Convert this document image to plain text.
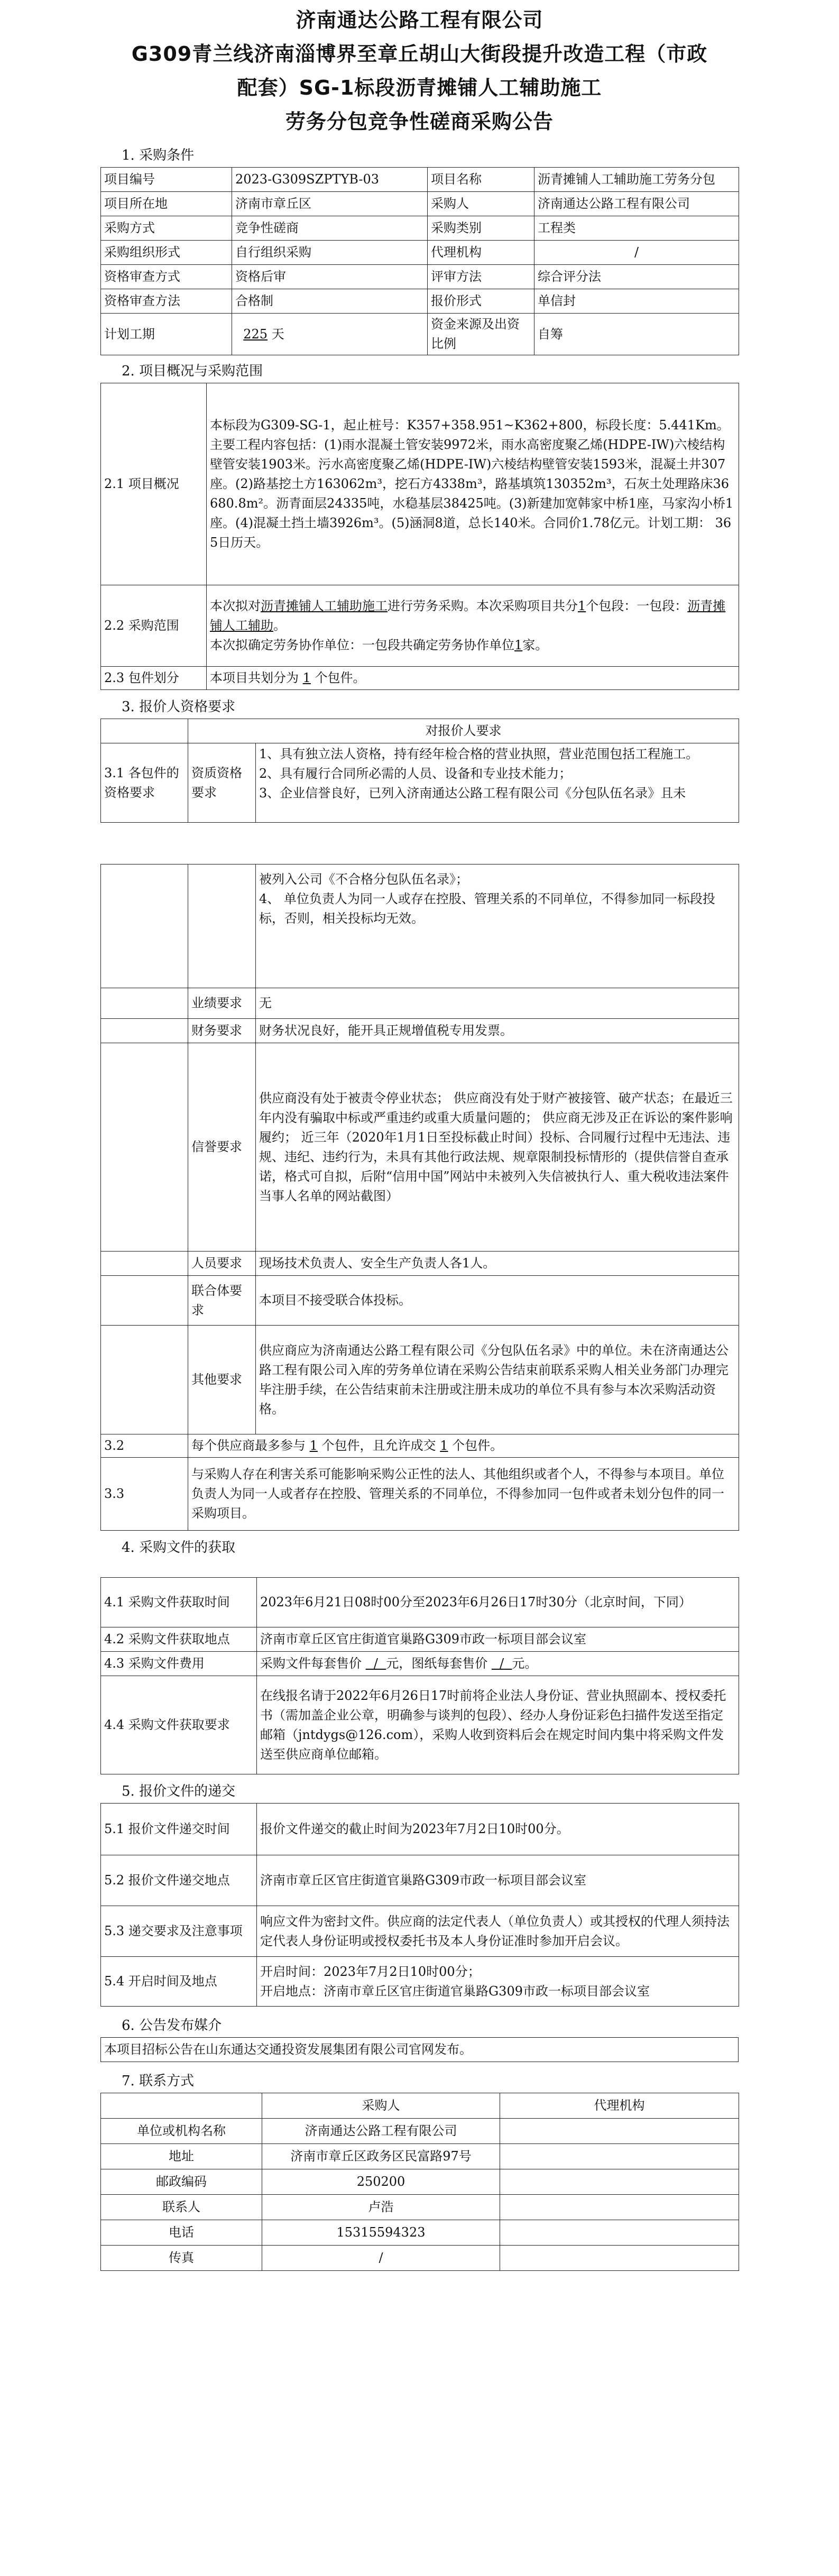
济南通达公路工程有限公司

G309青兰线济南淄博界至章丘胡山大街段提升改造工程（市政

配套）SG-1标段沥青摊铺人工辅助施工

劳务分包竞争性磋商采购公告

1. 采购条件
项目编号	2023-G309SZPTYB-03	项目名称	沥青摊铺人工辅助施工劳务分包
项目所在地	济南市章丘区	采购人	济南通达公路工程有限公司
采购方式	竞争性磋商	采购类别	工程类
采购组织形式	自行组织采购	代理机构	/
资格审查方式	资格后审	评审方法	综合评分法
资格审查方法	合格制	报价形式	单信封
计划工期	225 天	资金来源及出资比例	自筹
2. 项目概况与采购范围
2.1 项目概况	本标段为G309-SG-1，起止桩号：K357+358.951~K362+800，标段长度：5.441Km。主要工程内容包括：(1)雨水混凝土管安装9972米，雨水高密度聚乙烯(HDPE-IW)六棱结构壁管安装1903米。污水高密度聚乙烯(HDPE-IW)六棱结构壁管安装1593米，混凝土井307座。(2)路基挖土方163062m³，挖石方4338m³，路基填筑130352m³，石灰土处理路床36680.8m²。沥青面层24335吨，水稳基层38425吨。(3)新建加宽韩家中桥1座，马家沟小桥1座。(4)混凝土挡土墙3926m³。(5)涵洞8道，总长140米。合同价1.78亿元。计划工期： 365日历天。
2.2 采购范围	本次拟对沥青摊铺人工辅助施工进行劳务采购。本次采购项目共分1个包段：一包段：沥青摊铺人工辅助。
本次拟确定劳务协作单位：一包段共确定劳务协作单位1家。

2.3 包件划分	本项目共划分为 1 个包件。
3. 报价人资格要求
	对报价人要求	
3.1 各包件的资格要求	资质资格要求	1、具有独立法人资格，持有经年检合格的营业执照，营业范围包括工程施工。
2、具有履行合同所必需的人员、设备和专业技术能力；
3、企业信誉良好，已列入济南通达公路工程有限公司《分包队伍名录》且未

		被列入公司《不合格分包队伍名录》；
4、 单位负责人为同一人或存在控股、管理关系的不同单位，不得参加同一标段投标，否则，相关投标均无效。

	业绩要求	无
	财务要求	财务状况良好，能开具正规增值税专用发票。
	信誉要求	供应商没有处于被责令停业状态； 供应商没有处于财产被接管、破产状态；在最近三年内没有骗取中标或严重违约或重大质量问题的； 供应商无涉及正在诉讼的案件影响履约； 近三年（2020年1月1日至投标截止时间）投标、合同履行过程中无违法、违规、违纪、违约行为，未具有其他行政法规、规章限制投标情形的（提供信誉自查承诺，格式可自拟，后附“信用中国”网站中未被列入失信被执行人、重大税收违法案件当事人名单的网站截图）
	人员要求	现场技术负责人、安全生产负责人各1人。
	联合体要求	本项目不接受联合体投标。
	其他要求	供应商应为济南通达公路工程有限公司《分包队伍名录》中的单位。未在济南通达公路工程有限公司入库的劳务单位请在采购公告结束前联系采购人相关业务部门办理完毕注册手续，在公告结束前未注册或注册未成功的单位不具有参与本次采购活动资格。
3.2	每个供应商最多参与 1 个包件，且允许成交 1 个包件。	
3.3	与采购人存在利害关系可能影响采购公正性的法人、其他组织或者个人，不得参与本项目。单位负责人为同一人或者存在控股、管理关系的不同单位，不得参加同一包件或者未划分包件的同一采购项目。	
4. 采购文件的获取
4.1 采购文件获取时间	2023年6月21日08时00分至2023年6月26日17时30分（北京时间，下同）
4.2 采购文件获取地点	济南市章丘区官庄街道官巢路G309市政一标项目部会议室
4.3 采购文件费用	采购文件每套售价 / 元，图纸每套售价 / 元。
4.4 采购文件获取要求	在线报名请于2022年6月26日17时前将企业法人身份证、营业执照副本、授权委托书（需加盖企业公章，明确参与谈判的包段）、经办人身份证彩色扫描件发送至指定邮箱（jntdygs@126.com），采购人收到资料后会在规定时间内集中将采购文件发送至供应商单位邮箱。
5. 报价文件的递交
5.1 报价文件递交时间	报价文件递交的截止时间为2023年7月2日10时00分。
5.2 报价文件递交地点	济南市章丘区官庄街道官巢路G309市政一标项目部会议室
5.3 递交要求及注意事项	响应文件为密封文件。供应商的法定代表人（单位负责人）或其授权的代理人须持法定代表人身份证明或授权委托书及本人身份证准时参加开启会议。
5.4 开启时间及地点	开启时间：2023年7月2日10时00分；
开启地点：济南市章丘区官庄街道官巢路G309市政一标项目部会议室
6. 公告发布媒介
本项目招标公告在山东通达交通投资发展集团有限公司官网发布。
7. 联系方式
	采购人	代理机构
单位或机构名称	济南通达公路工程有限公司	
地址	济南市章丘区政务区民富路97号	
邮政编码	250200	
联系人	卢浩	
电话	15315594323	
传真	/	
